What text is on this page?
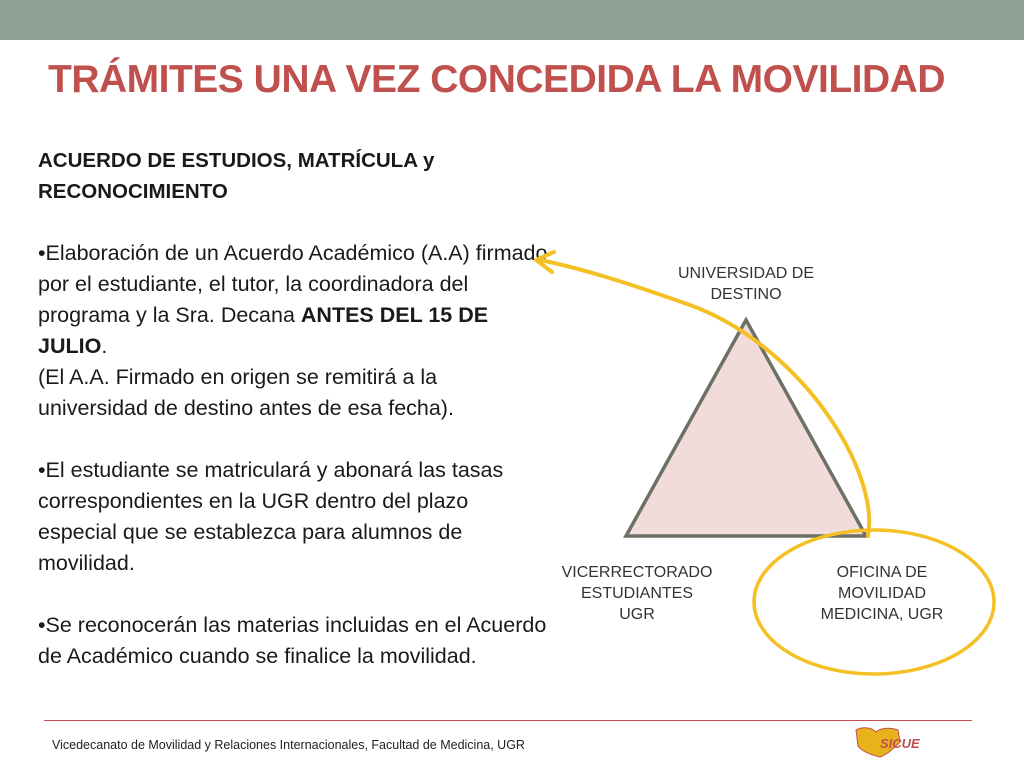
TRÁMITES UNA VEZ CONCEDIDA LA MOVILIDAD
ACUERDO DE ESTUDIOS, MATRÍCULA y
RECONOCIMIENTO

•Elaboración de un Acuerdo Académico (A.A) firmado por el estudiante, el tutor, la coordinadora del programa y la Sra. Decana ANTES DEL 15 DE JULIO.

(El A.A. Firmado en origen se remitirá a la universidad de destino antes de esa fecha).

•El estudiante se matriculará y abonará las tasas correspondientes en la UGR dentro del plazo especial que se establezca para alumnos de movilidad.

•Se reconocerán las materias incluidas en el Acuerdo de Académico cuando se finalice la movilidad.

UNIVERSIDAD DE
DESTINO
VICERRECTORADO
ESTUDIANTES
UGR
OFICINA DE
MOVILIDAD
MEDICINA, UGR
Vicedecanato de Movilidad y Relaciones Internacionales, Facultad de Medicina, UGR	SICUE
